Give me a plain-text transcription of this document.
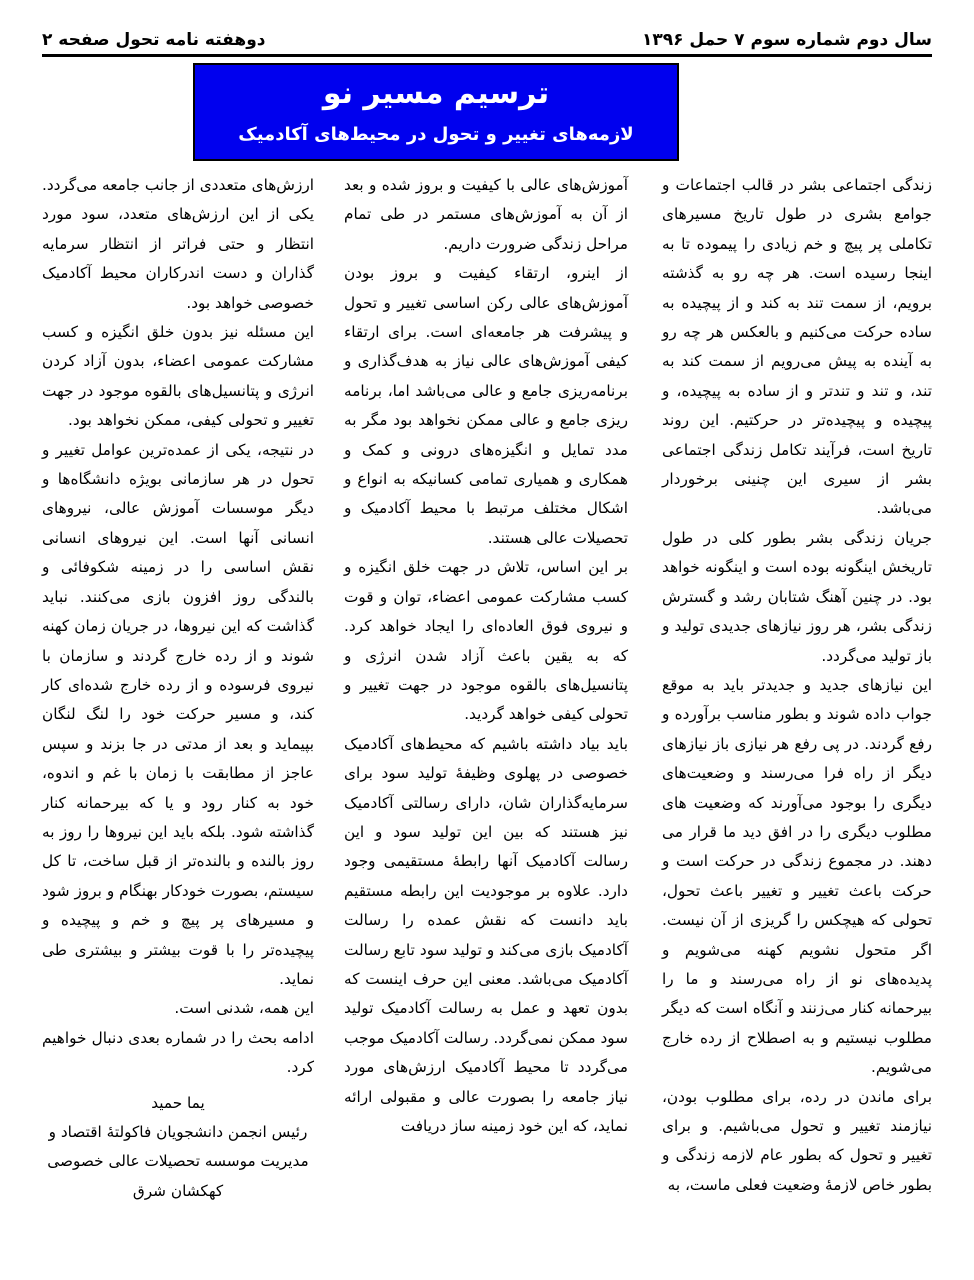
سال دوم شماره سوم ۷ حمل ۱۳۹۶
دوهفته نامه تحول صفحه ۲
ترسیم مسیر نو
لازمه‌های تغییر و تحول در محیط‌های آکادمیک

زندگی اجتماعی بشر در قالب اجتماعات و جوامع بشری در طول تاریخ مسیرهای تکاملی پر پیچ و خم زیادی را پیموده تا به اینجا رسیده است. هر چه رو به گذشته برویم، از سمت تند به کند و از پیچیده به ساده حرکت می‌کنیم و بالعکس هر چه رو به آینده به پیش می‌رویم از سمت کند به تند، و تند و تندتر و از ساده به پیچیده، و پیچیده و پیچیده‌تر در حرکتیم. این روند تاریخ است، فرآیند تکامل زندگی اجتماعی بشر از سیری این چنینی برخوردار می‌باشد.

جریان زندگی بشر بطور کلی در طول تاریخش اینگونه بوده است و اینگونه خواهد بود. در چنین آهنگ شتابان رشد و گسترش زندگی بشر، هر روز نیازهای جدیدی تولید و باز تولید می‌گردد.

این نیازهای جدید و جدیدتر باید به موقع جواب داده شوند و بطور مناسب برآورده و رفع گردند. در پی رفع هر نیازی باز نیازهای دیگر از راه فرا می‌رسند و وضعیت‌های دیگری را بوجود می‌آورند که وضعیت های مطلوب دیگری را در افق دید ما قرار می دهند. در مجموع زندگی در حرکت است و حرکت باعث تغییر و تغییر باعث تحول، تحولی که هیچکس را گریزی از آن نیست. اگر متحول نشویم کهنه می‌شویم و پدیده‌های نو از راه می‌رسند و ما را بیرحمانه کنار می‌زنند و آنگاه است که دیگر مطلوب نیستیم و به اصطلاح از رده خارج می‌شویم.

برای ماندن در رده، برای مطلوب بودن، نیازمند تغییر و تحول می‌باشیم. و برای تغییر و تحول که بطور عام لازمه زندگی و بطور خاص لازمهٔ وضعیت فعلی ماست، به

آموزش‌های عالی با کیفیت و بروز شده و بعد از آن به آموزش‌های مستمر در طی تمام مراحل زندگی ضرورت داریم.

از اینرو، ارتقاء کیفیت و بروز بودن آموزش‌های عالی رکن اساسی تغییر و تحول و پیشرفت هر جامعه‌ای است. برای ارتقاء کیفی آموزش‌های عالی نیاز به هدف‌گذاری و برنامه‌ریزی جامع و عالی می‌باشد اما، برنامه ریزی جامع و عالی ممکن نخواهد بود مگر به مدد تمایل و انگیزه‌های درونی و کمک و همکاری و همیاری تمامی کسانیکه به انواع و اشکال مختلف مرتبط با محیط آکادمیک و تحصیلات عالی هستند.

بر این اساس، تلاش در جهت خلق انگیزه و کسب مشارکت عمومی اعضاء، توان و قوت و نیروی فوق العاده‌ای را ایجاد خواهد کرد. که به یقین باعث آزاد شدن انرژی و پتانسیل‌های بالقوه موجود در جهت تغییر و تحولی کیفی خواهد گردید.

باید بیاد داشته باشیم که محیط‌های آکادمیک خصوصی در پهلوی وظیفهٔ تولید سود برای سرمایه‌گذاران شان، دارای رسالتی آکادمیک نیز هستند که بین این تولید سود و این رسالت آکادمیک آنها رابطهٔ مستقیمی وجود دارد. علاوه بر موجودیت این رابطه مستقیم باید دانست که نقش عمده را رسالت آکادمیک بازی می‌کند و تولید سود تابع رسالت آکادمیک می‌باشد. معنی این حرف اینست که بدون تعهد و عمل به رسالت آکادمیک تولید سود ممکن نمی‌گردد. رسالت آکادمیک موجب می‌گردد تا محیط آکادمیک ارزش‌های مورد نیاز جامعه را بصورت عالی و مقبولی ارائه نماید، که این خود زمینه ساز دریافت

ارزش‌های متعددی از جانب جامعه می‌گردد. یکی از این ارزش‌های متعدد، سود مورد انتظار و حتی فراتر از انتظار سرمایه گذاران و دست اندرکاران محیط آکادمیک خصوصی خواهد بود.

این مسئله نیز بدون خلق انگیزه و کسب مشارکت عمومی اعضاء، بدون آزاد کردن انرژی و پتانسیل‌های بالقوه موجود در جهت تغییر و تحولی کیفی، ممکن نخواهد بود.

در نتیجه، یکی از عمده‌ترین عوامل تغییر و تحول در هر سازمانی بویژه دانشگاه‌ها و دیگر موسسات آموزش عالی، نیروهای انسانی آنها است. این نیروهای انسانی نقش اساسی را در زمینه شکوفائی و بالندگی روز افزون بازی می‌کنند. نباید گذاشت که این نیروها، در جریان زمان کهنه شوند و از رده خارج گردند و سازمان با نیروی فرسوده و از رده خارج شده‌ای کار کند، و مسیر حرکت خود را لنگ لنگان بپیماید و بعد از مدتی در جا بزند و سپس عاجز از مطابقت با زمان با غم و اندوه، خود به کنار رود و یا که بیرحمانه کنار گذاشته شود. بلکه باید این نیروها را روز به روز بالنده و بالنده‌تر از قبل ساخت، تا کل سیستم، بصورت خودکار بهنگام و بروز شود و مسیرهای پر پیچ و خم و پیچیده و پیچیده‌تر را با قوت بیشتر و بیشتری طی نماید.

این همه، شدنی است.

ادامه بحث را در شماره بعدی دنبال خواهیم کرد.

یما حمید

رئیس انجمن دانشجویان فاکولتهٔ اقتصاد و

مدیریت موسسه تحصیلات عالی خصوصی

کهکشان شرق
